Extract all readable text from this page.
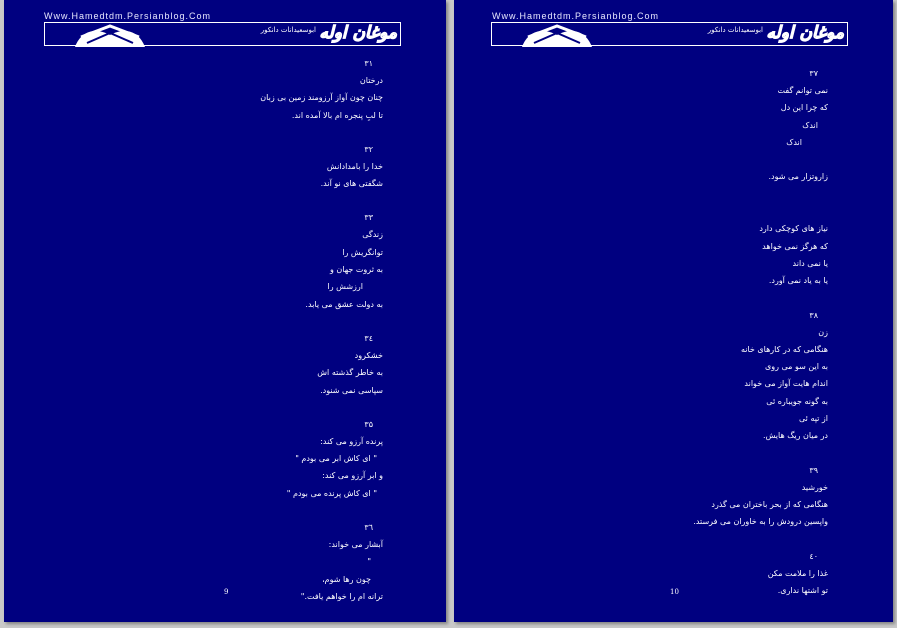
Www.Hamedtdm.Persianblog.Com
ابوسعیدانات دانکور موغان اوله
۳۱
درختان
چنان چون آواز آرزومند زمین بی زبان
تا لبِ پنجره ام بالا آمده اند.
۳۲
خدا را بامدادانش
شگفتی های نو آند.
۳۳
زندگی
توانگریش را
به ثروت جهان و
ارزشش را
به دولت عشق می یابد.
۳٤
خشکرود
به خاطر گذشته اش
سپاسی نمی شنود.
۳۵
پرنده آرزو می کند:
" ای کاش ابر می بودم "
و ابر آرزو می کند:
" ای کاش پرنده می بودم "
۳٦
آبشار می خواند:
"
چون رها شوم،
ترانه ام را خواهم یافت."
9
Www.Hamedtdm.Persianblog.Com
ابوسعیدانات دانکور موغان اوله
۳۷
نمی توانم گفت
که چرا این دل
اندک
اندک
زاروتزار می شود.
نیاز های کوچکی دارد
که هرگز نمی خواهد
یا نمی داند
یا به یاد نمی آورد.
۳۸
زن
هنگامی که در کارهای خانه
به این سو می روی
اندام هایت آواز می خواند
به گونه جویباره ئی
از تپه ئی
در میان ریگ هایش.
۳۹
خورشید
هنگامی که از بحر باختران می گذرد
واپسین درودش را به خاوران می فرستد.
٤٠
غذا را ملامت مکن
تو اشتها نداری.
10
